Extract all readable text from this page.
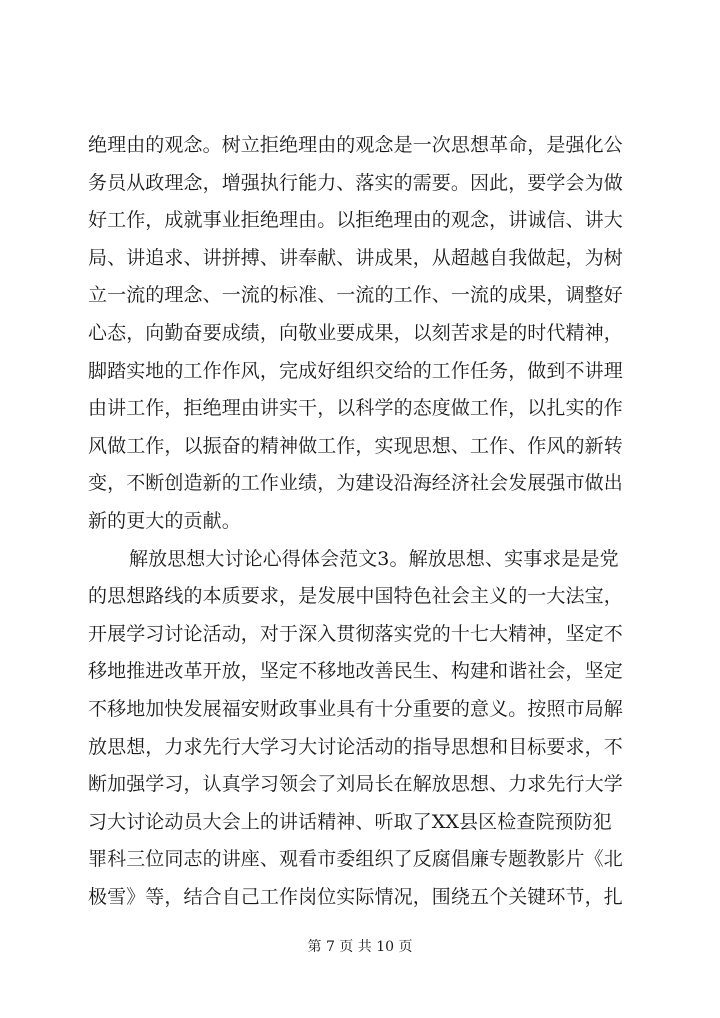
绝理由的观念。树立拒绝理由的观念是一次思想革命，是强化公
务员从政理念，增强执行能力、落实的需要。因此，要学会为做
好工作，成就事业拒绝理由。以拒绝理由的观念，讲诚信、讲大
局、讲追求、讲拼搏、讲奉献、讲成果，从超越自我做起，为树
立一流的理念、一流的标准、一流的工作、一流的成果，调整好
心态，向勤奋要成绩，向敬业要成果，以刻苦求是的时代精神，
脚踏实地的工作作风，完成好组织交给的工作任务，做到不讲理
由讲工作，拒绝理由讲实干，以科学的态度做工作，以扎实的作
风做工作，以振奋的精神做工作，实现思想、工作、作风的新转
变，不断创造新的工作业绩，为建设沿海经济社会发展强市做出
新的更大的贡献。
解放思想大讨论心得体会范文3。解放思想、实事求是是党
的思想路线的本质要求，是发展中国特色社会主义的一大法宝，
开展学习讨论活动，对于深入贯彻落实党的十七大精神，坚定不
移地推进改革开放，坚定不移地改善民生、构建和谐社会，坚定
不移地加快发展福安财政事业具有十分重要的意义。按照市局解
放思想，力求先行大学习大讨论活动的指导思想和目标要求，不
断加强学习，认真学习领会了刘局长在解放思想、力求先行大学
习大讨论动员大会上的讲话精神、听取了XX县区检查院预防犯
罪科三位同志的讲座、观看市委组织了反腐倡廉专题教影片《北
极雪》等，结合自己工作岗位实际情况，围绕五个关键环节，扎
第 7 页 共 10 页
